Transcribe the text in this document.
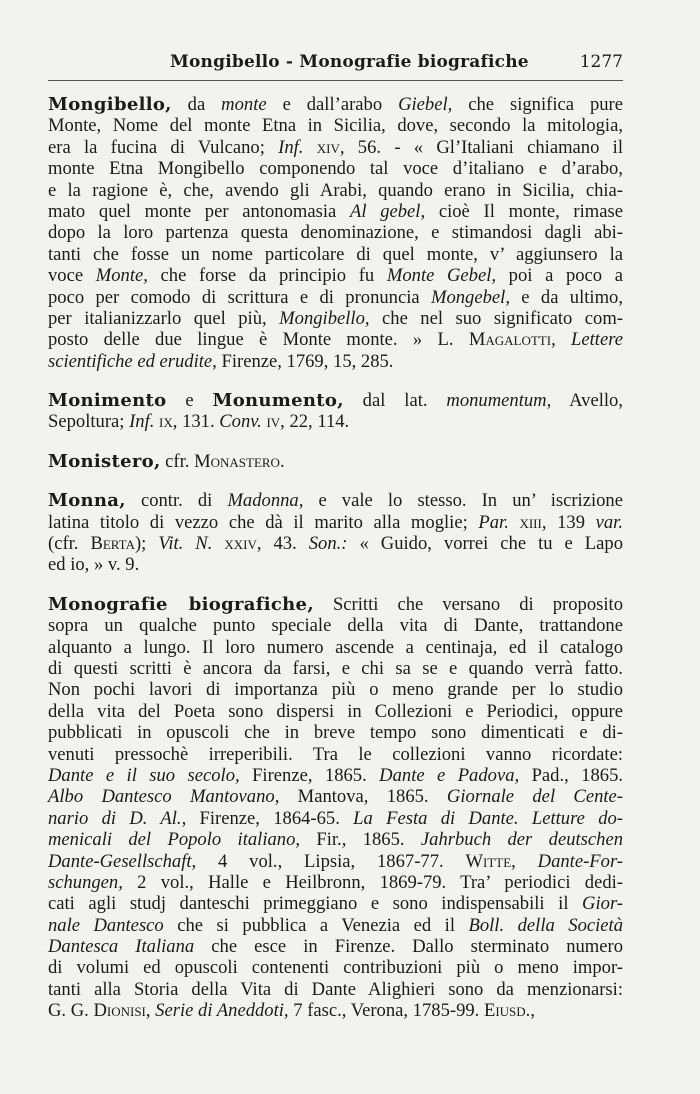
Mongibello - Monografie biografiche	1277
Mongibello, da monte e dall’arabo Giebel, che significa pure
Monte, Nome del monte Etna in Sicilia, dove, secondo la mitologia,
era la fucina di Vulcano; Inf. xiv, 56. - « Gl’Italiani chiamano il
monte Etna Mongibello componendo tal voce d’italiano e d’arabo,
e la ragione è, che, avendo gli Arabi, quando erano in Sicilia, chia-
mato quel monte per antonomasia Al gebel, cioè Il monte, rimase
dopo la loro partenza questa denominazione, e stimandosi dagli abi-
tanti che fosse un nome particolare di quel monte, v’ aggiunsero la
voce Monte, che forse da principio fu Monte Gebel, poi a poco a
poco per comodo di scrittura e di pronuncia Mongebel, e da ultimo,
per italianizzarlo quel più, Mongibello, che nel suo significato com-
posto delle due lingue è Monte monte. » L. Magalotti, Lettere
scientifiche ed erudite, Firenze, 1769, 15, 285.
Monimento e Monumento, dal lat. monumentum, Avello,
Sepoltura; Inf. ix, 131. Conv. iv, 22, 114.
Monistero, cfr. Monastero.
Monna, contr. di Madonna, e vale lo stesso. In un’ iscrizione
latina titolo di vezzo che dà il marito alla moglie; Par. xiii, 139 var.
(cfr. Berta); Vit. N. xxiv, 43. Son.: « Guido, vorrei che tu e Lapo
ed io, » v. 9.
Monografie biografiche, Scritti che versano di proposito
sopra un qualche punto speciale della vita di Dante, trattandone
alquanto a lungo. Il loro numero ascende a centinaja, ed il catalogo
di questi scritti è ancora da farsi, e chi sa se e quando verrà fatto.
Non pochi lavori di importanza più o meno grande per lo studio
della vita del Poeta sono dispersi in Collezioni e Periodici, oppure
pubblicati in opuscoli che in breve tempo sono dimenticati e di-
venuti pressochè irreperibili. Tra le collezioni vanno ricordate:
Dante e il suo secolo, Firenze, 1865. Dante e Padova, Pad., 1865.
Albo Dantesco Mantovano, Mantova, 1865. Giornale del Cente-
nario di D. Al., Firenze, 1864-65. La Festa di Dante. Letture do-
menicali del Popolo italiano, Fir., 1865. Jahrbuch der deutschen
Dante-Gesellschaft, 4 vol., Lipsia, 1867-77. Witte, Dante-For-
schungen, 2 vol., Halle e Heilbronn, 1869-79. Tra’ periodici dedi-
cati agli studj danteschi primeggiano e sono indispensabili il Gior-
nale Dantesco che si pubblica a Venezia ed il Boll. della Società
Dantesca Italiana che esce in Firenze. Dallo sterminato numero
di volumi ed opuscoli contenenti contribuzioni più o meno impor-
tanti alla Storia della Vita di Dante Alighieri sono da menzionarsi:
G. G. Dionisi, Serie di Aneddoti, 7 fasc., Verona, 1785-99. Eiusd.,
